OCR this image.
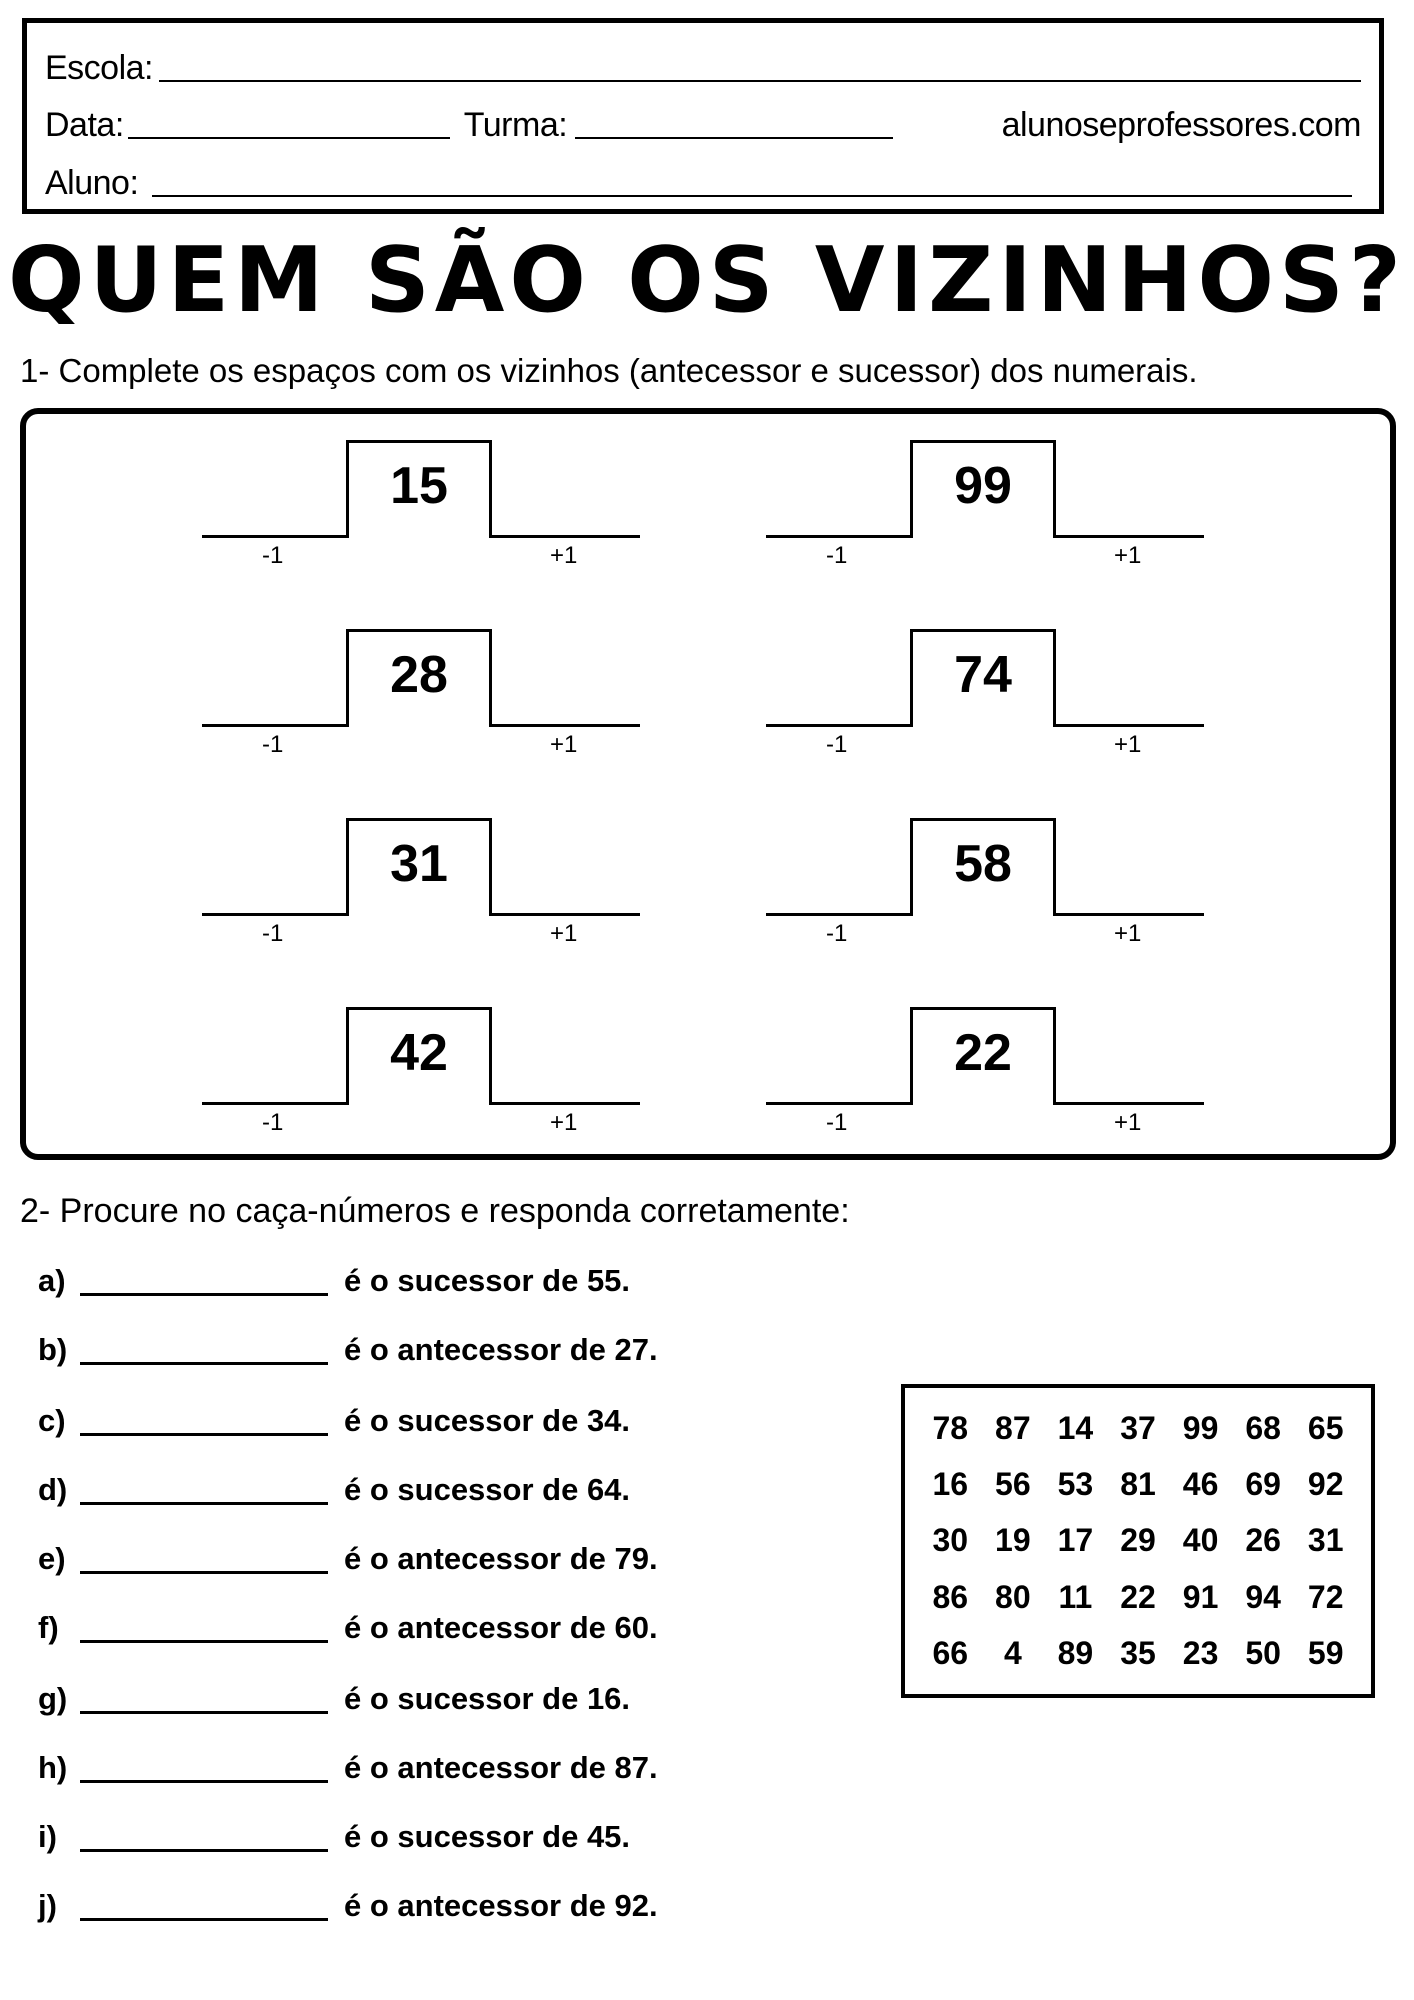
Escola:
Data:	Turma:	alunoseprofessores.com
Aluno:
QUEM SÃO OS VIZINHOS?
1- Complete os espaços com os vizinhos (antecessor e sucessor) dos numerais.
15
-1	+1
99
-1	+1
28
-1	+1
74
-1	+1
31
-1	+1
58
-1	+1
42
-1	+1
22
-1	+1
2- Procure no caça-números e responda corretamente:
a)	é o sucessor de 55.
b)	é o antecessor de 27.
c)	é o sucessor de 34.
d)	é o sucessor de 64.
e)	é o antecessor de 79.
f)	é o antecessor de 60.
g)	é o sucessor de 16.
h)	é o antecessor de 87.
i)	é o sucessor de 45.
j)	é o antecessor de 92.
78 87 14 37 99 68 65
16 56 53 81 46 69 92
30 19 17 29 40 26 31
86 80 11 22 91 94 72
66	4	89 35 23 50 59
